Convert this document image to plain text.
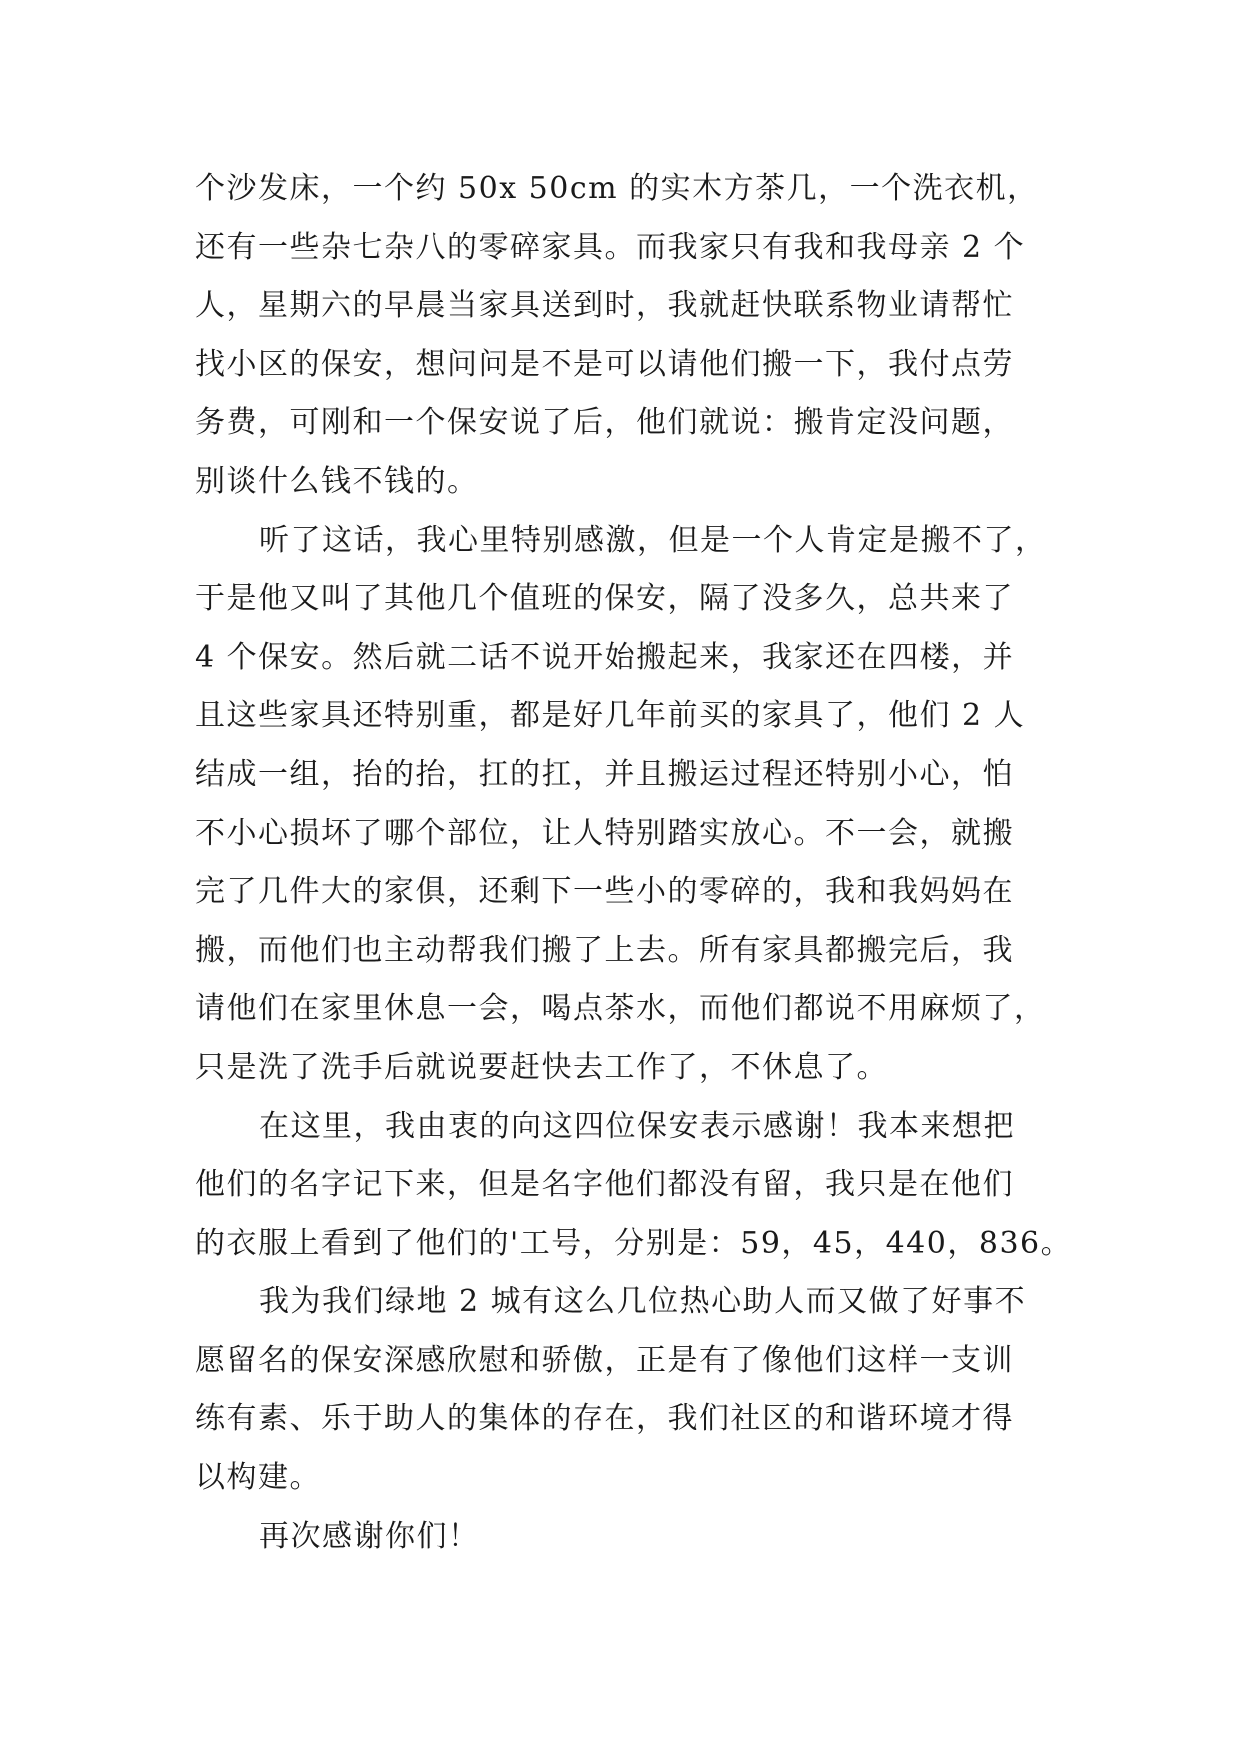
个沙发床，一个约 50x 50cm 的实木方茶几，一个洗衣机，
还有一些杂七杂八的零碎家具。而我家只有我和我母亲 2 个
人，星期六的早晨当家具送到时，我就赶快联系物业请帮忙
找小区的保安，想问问是不是可以请他们搬一下，我付点劳
务费，可刚和一个保安说了后，他们就说：搬肯定没问题，
别谈什么钱不钱的。
听了这话，我心里特别感激，但是一个人肯定是搬不了，
于是他又叫了其他几个值班的保安，隔了没多久，总共来了
4 个保安。然后就二话不说开始搬起来，我家还在四楼，并
且这些家具还特别重，都是好几年前买的家具了，他们 2 人
结成一组，抬的抬，扛的扛，并且搬运过程还特别小心，怕
不小心损坏了哪个部位，让人特别踏实放心。不一会，就搬
完了几件大的家俱，还剩下一些小的零碎的，我和我妈妈在
搬，而他们也主动帮我们搬了上去。所有家具都搬完后，我
请他们在家里休息一会，喝点茶水，而他们都说不用麻烦了，
只是洗了洗手后就说要赶快去工作了，不休息了。
在这里，我由衷的向这四位保安表示感谢！我本来想把
他们的名字记下来，但是名字他们都没有留，我只是在他们
的衣服上看到了他们的'工号，分别是：59，45，440，836。
我为我们绿地 2 城有这么几位热心助人而又做了好事不
愿留名的保安深感欣慰和骄傲，正是有了像他们这样一支训
练有素、乐于助人的集体的存在，我们社区的和谐环境才得
以构建。
再次感谢你们！
